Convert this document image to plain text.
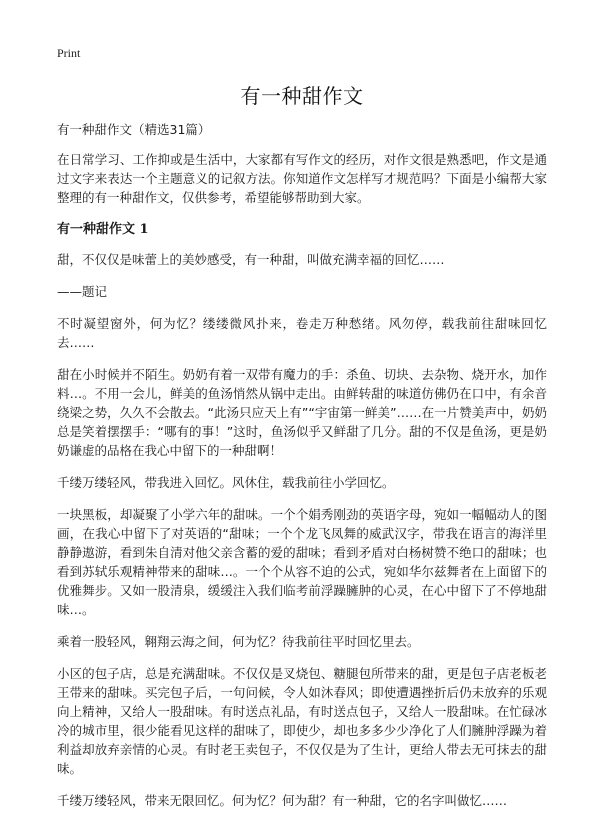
Print
有一种甜作文

有一种甜作文（精选31篇）

在日常学习、工作抑或是生活中，大家都有写作文的经历，对作文很是熟悉吧，作文是通过文字来表达一个主题意义的记叙方法。你知道作文怎样写才规范吗？下面是小编帮大家整理的有一种甜作文，仅供参考，希望能够帮助到大家。

有一种甜作文 1

甜，不仅仅是味蕾上的美妙感受，有一种甜，叫做充满幸福的回忆……

——题记

不时凝望窗外，何为忆？缕缕微风扑来，卷走万种愁绪。风勿停，载我前往甜味回忆去……

甜在小时候并不陌生。奶奶有着一双带有魔力的手：杀鱼、切块、去杂物、烧开水，加作料…。不用一会儿，鲜美的鱼汤悄然从锅中走出。由鲜转甜的味道仿佛仍在口中，有余音绕梁之势，久久不会散去。“此汤只应天上有”“宇宙第一鲜美”……在一片赞美声中，奶奶总是笑着摆摆手：“哪有的事！”这时，鱼汤似乎又鲜甜了几分。甜的不仅是鱼汤，更是奶奶谦虚的品格在我心中留下的一种甜啊！

千缕万缕轻风，带我进入回忆。风休住，载我前往小学回忆。

一块黑板，却凝聚了小学六年的甜味。一个个娟秀刚劲的英语字母，宛如一幅幅动人的图画，在我心中留下了对英语的“甜味；一个个龙飞凤舞的威武汉字，带我在语言的海洋里静静遨游，看到朱自清对他父亲含蓄的爱的甜味；看到矛盾对白杨树赞不绝口的甜味；也看到苏轼乐观精神带来的甜味…。一个个从容不迫的公式，宛如华尔兹舞者在上面留下的优雅舞步。又如一股清泉，缓缓注入我们临考前浮躁臃肿的心灵，在心中留下了不停地甜味…。

乘着一股轻风，翱翔云海之间，何为忆？待我前往平时回忆里去。

小区的包子店，总是充满甜味。不仅仅是叉烧包、糖腿包所带来的甜，更是包子店老板老王带来的甜味。买完包子后，一句问候，令人如沐春风；即使遭遇挫折后仍未放弃的乐观向上精神，又给人一股甜味。有时送点礼品，有时送点包子，又给人一股甜味。在忙碌冰冷的城市里，很少能看见这样的甜味了，即使少，却也多多少少净化了人们臃肿浮躁为着利益却放弃亲情的心灵。有时老王卖包子，不仅仅是为了生计，更给人带去无可抹去的甜味。

千缕万缕轻风，带来无限回忆。何为忆？何为甜？有一种甜，它的名字叫做忆……
